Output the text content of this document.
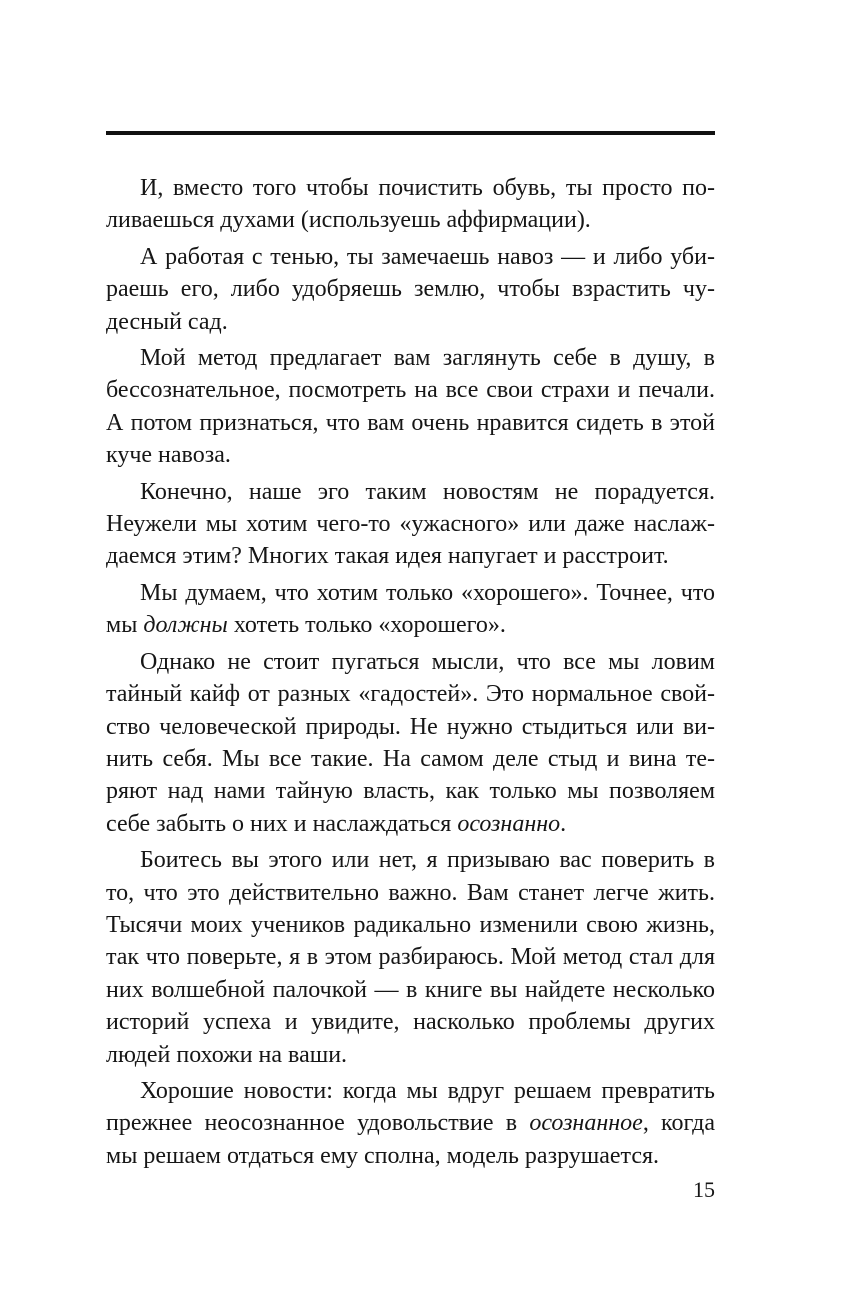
И, вместо того чтобы почистить обувь, ты просто поливаешься духами (используешь аффирмации).

А работая с тенью, ты замечаешь навоз — и либо убираешь его, либо удобряешь землю, чтобы взрастить чудесный сад.

Мой метод предлагает вам заглянуть себе в душу, в бессознательное, посмотреть на все свои страхи и печали. А потом признаться, что вам очень нравится сидеть в этой куче навоза.

Конечно, наше эго таким новостям не порадуется. Неужели мы хотим чего-то «ужасного» или даже наслаждаемся этим? Многих такая идея напугает и расстроит.

Мы думаем, что хотим только «хорошего». Точнее, что мы должны хотеть только «хорошего».

Однако не стоит пугаться мысли, что все мы ловим тайный кайф от разных «гадостей». Это нормальное свойство человеческой природы. Не нужно стыдиться или винить себя. Мы все такие. На самом деле стыд и вина теряют над нами тайную власть, как только мы позволяем себе забыть о них и наслаждаться осознанно.

Боитесь вы этого или нет, я призываю вас поверить в то, что это действительно важно. Вам станет легче жить. Тысячи моих учеников радикально изменили свою жизнь, так что поверьте, я в этом разбираюсь. Мой метод стал для них волшебной палочкой — в книге вы найдете несколько историй успеха и увидите, насколько проблемы других людей похожи на ваши.

Хорошие новости: когда мы вдруг решаем превратить прежнее неосознанное удовольствие в осознанное, когда мы решаем отдаться ему сполна, модель разрушается.

15
